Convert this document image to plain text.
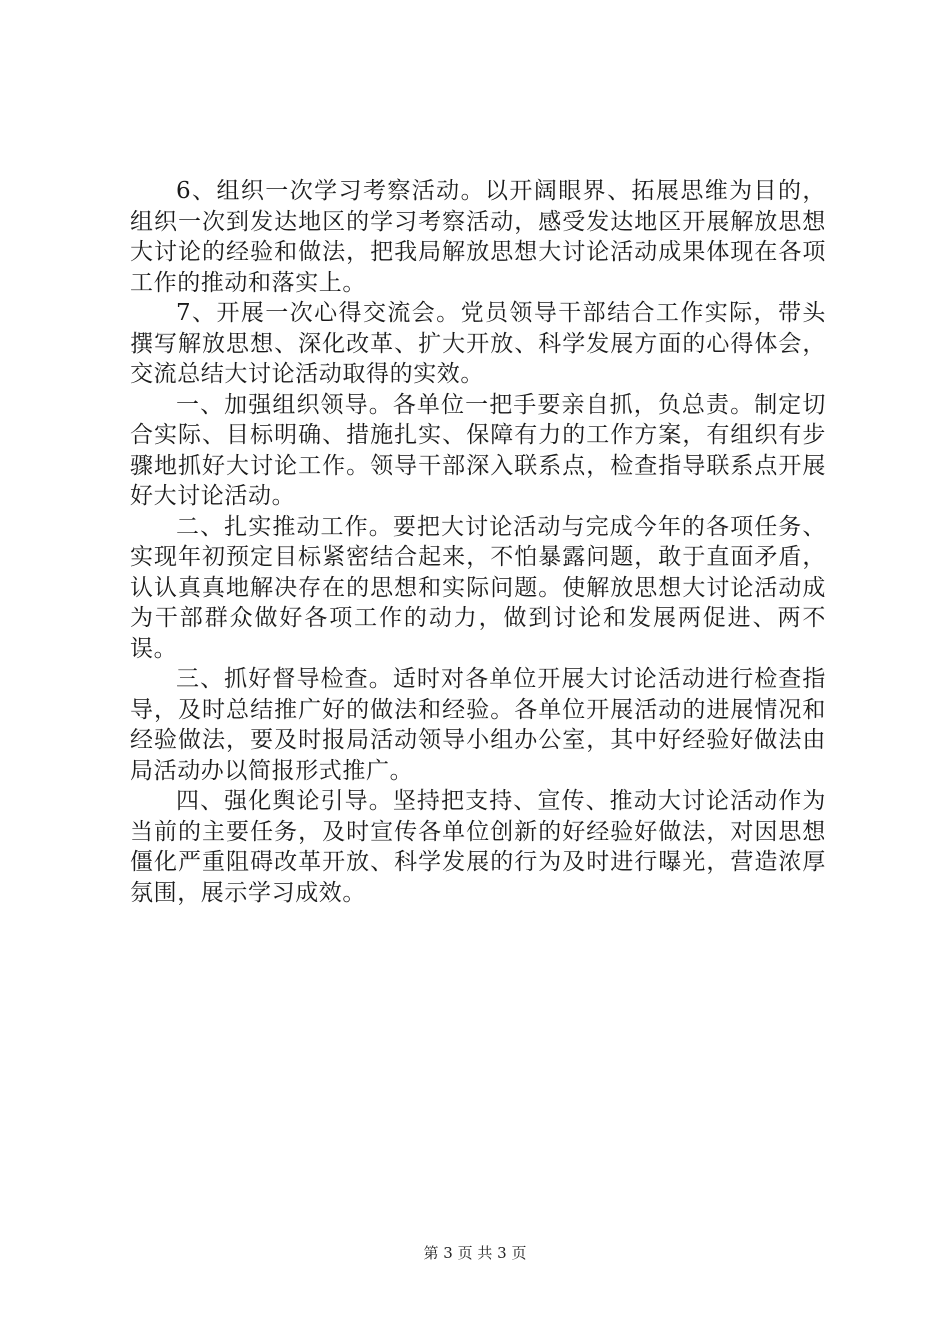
6、组织一次学习考察活动。以开阔眼界、拓展思维为目的，组织一次到发达地区的学习考察活动，感受发达地区开展解放思想大讨论的经验和做法，把我局解放思想大讨论活动成果体现在各项工作的推动和落实上。

7、开展一次心得交流会。党员领导干部结合工作实际，带头撰写解放思想、深化改革、扩大开放、科学发展方面的心得体会，交流总结大讨论活动取得的实效。

一、加强组织领导。各单位一把手要亲自抓，负总责。制定切合实际、目标明确、措施扎实、保障有力的工作方案，有组织有步骤地抓好大讨论工作。领导干部深入联系点，检查指导联系点开展好大讨论活动。

二、扎实推动工作。要把大讨论活动与完成今年的各项任务、实现年初预定目标紧密结合起来，不怕暴露问题，敢于直面矛盾，认认真真地解决存在的思想和实际问题。使解放思想大讨论活动成为干部群众做好各项工作的动力，做到讨论和发展两促进、两不误。

三、抓好督导检查。适时对各单位开展大讨论活动进行检查指导，及时总结推广好的做法和经验。各单位开展活动的进展情况和经验做法，要及时报局活动领导小组办公室，其中好经验好做法由局活动办以简报形式推广。

四、强化舆论引导。坚持把支持、宣传、推动大讨论活动作为当前的主要任务，及时宣传各单位创新的好经验好做法，对因思想僵化严重阻碍改革开放、科学发展的行为及时进行曝光，营造浓厚氛围，展示学习成效。

第 3 页 共 3 页
